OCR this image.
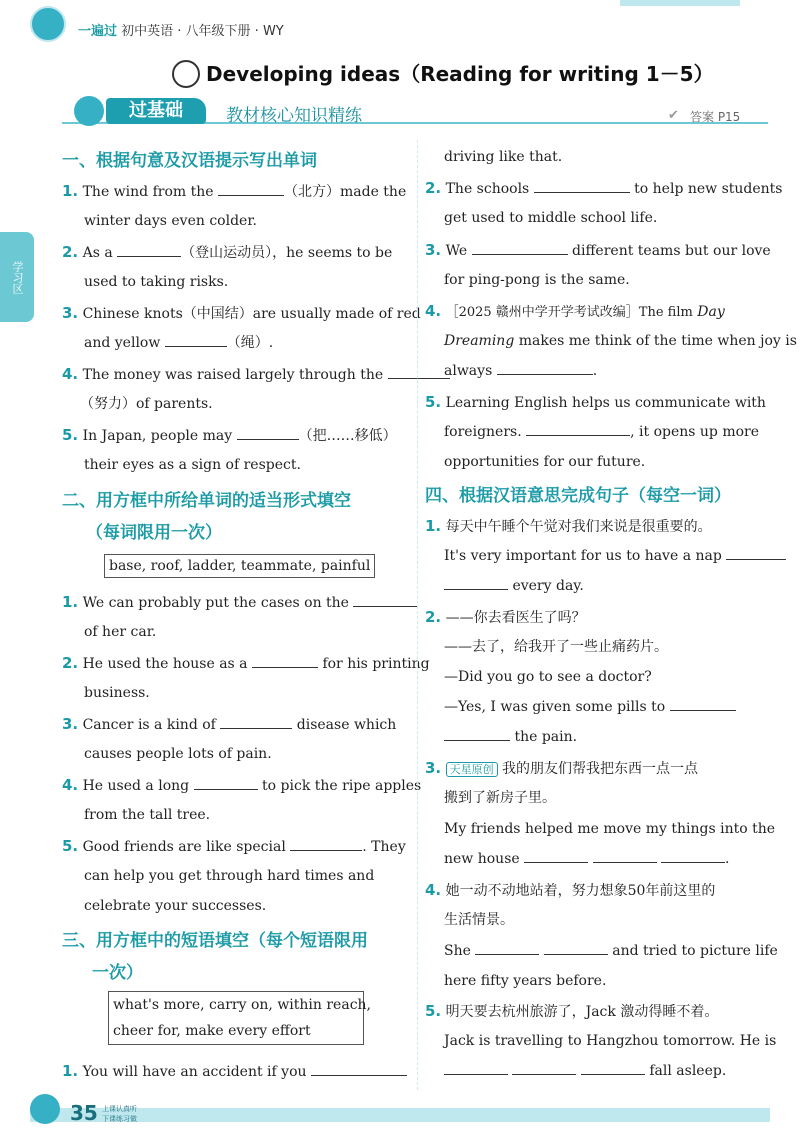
一遍过 初中英语 · 八年级下册 · WY
Developing ideas（Reading for writing 1－5）
过基础	教材核心知识精练	✔ 答案 P15
学习区
一、根据句意及汉语提示写出单词
1. The wind from the	（北方）made the
winter days even colder.
2. As a	（登山运动员），he seems to be
used to taking risks.
3. Chinese knots（中国结）are usually made of red
and yellow	（绳）.
4. The money was raised largely through the
（努力）of parents.
5. In Japan, people may	（把……移低）
their eyes as a sign of respect.
二、用方框中所给单词的适当形式填空
（每词限用一次）
base, roof, ladder, teammate, painful
1. We can probably put the cases on the
of her car.
2. He used the house as a	for his printing
business.
3. Cancer is a kind of	disease which
causes people lots of pain.
4. He used a long	to pick the ripe apples
from the tall tree.
5. Good friends are like special	. They
can help you get through hard times and
celebrate your successes.
三、用方框中的短语填空（每个短语限用
一次）
what's more, carry on, within reach,
cheer for, make every effort
1. You will have an accident if you
driving like that.
2. The schools	to help new students
get used to middle school life.
3. We	different teams but our love
for ping-pong is the same.
4. ［2025 赣州中学开学考试改编］The film Day
Dreaming makes me think of the time when joy is
always	.
5. Learning English helps us communicate with
foreigners.	, it opens up more
opportunities for our future.
四、根据汉语意思完成句子（每空一词）
1. 每天中午睡个午觉对我们来说是很重要的。
It's very important for us to have a nap
every day.
2. ——你去看医生了吗？
——去了，给我开了一些止痛药片。
—Did you go to see a doctor?
—Yes, I was given some pills to
the pain.
3. 天星原创 我的朋友们帮我把东西一点一点
搬到了新房子里。
My friends helped me move my things into the
new house	.
4. 她一动不动地站着，努力想象50年前这里的
生活情景。
She	and tried to picture life
here fifty years before.
5. 明天要去杭州旅游了，Jack 激动得睡不着。
Jack is travelling to Hangzhou tomorrow. He is
fall asleep.
35 上课认真听
下课练习做
